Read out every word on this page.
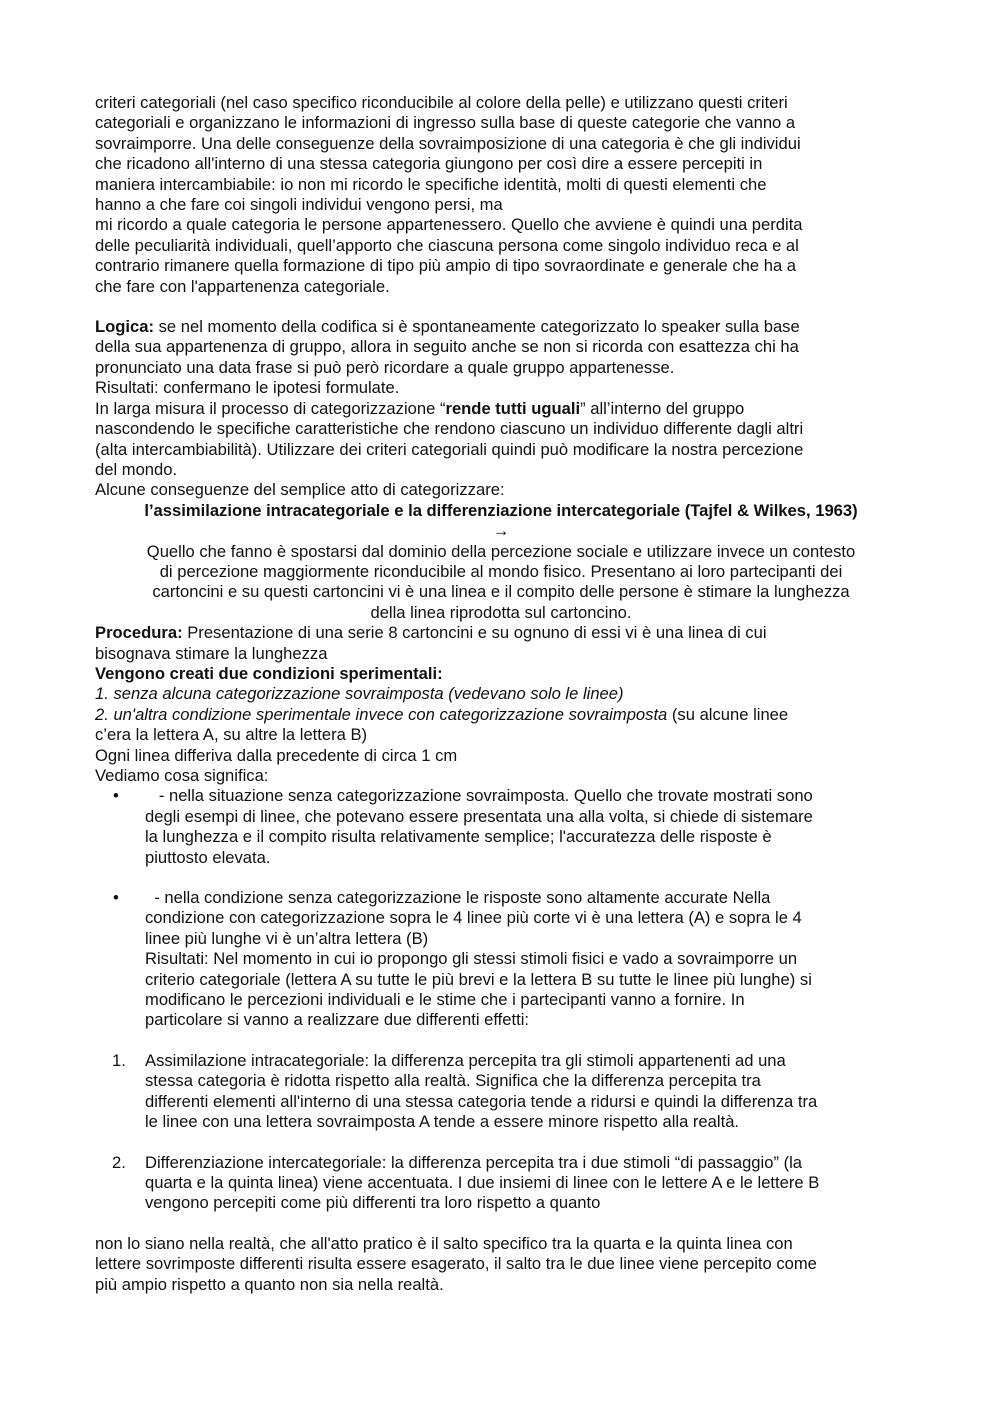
criteri categoriali (nel caso specifico riconducibile al colore della pelle) e utilizzano questi criteri
categoriali e organizzano le informazioni di ingresso sulla base di queste categorie che vanno a
sovraimporre. Una delle conseguenze della sovraimposizione di una categoria è che gli individui
che ricadono all'interno di una stessa categoria giungono per così dire a essere percepiti in
maniera intercambiabile: io non mi ricordo le specifiche identità, molti di questi elementi che
hanno a che fare coi singoli individui vengono persi, ma
mi ricordo a quale categoria le persone appartenessero. Quello che avviene è quindi una perdita
delle peculiarità individuali, quell’apporto che ciascuna persona come singolo individuo reca e al
contrario rimanere quella formazione di tipo più ampio di tipo sovraordinate e generale che ha a
che fare con l'appartenenza categoriale.
Logica: se nel momento della codifica si è spontaneamente categorizzato lo speaker sulla base
della sua appartenenza di gruppo, allora in seguito anche se non si ricorda con esattezza chi ha
pronunciato una data frase si può però ricordare a quale gruppo appartenesse.
Risultati: confermano le ipotesi formulate.
In larga misura il processo di categorizzazione “rende tutti uguali” all’interno del gruppo
nascondendo le specifiche caratteristiche che rendono ciascuno un individuo differente dagli altri
(alta intercambiabilità). Utilizzare dei criteri categoriali quindi può modificare la nostra percezione
del mondo.
Alcune conseguenze del semplice atto di categorizzare:
l’assimilazione intracategoriale e la differenziazione intercategoriale (Tajfel & Wilkes, 1963)
→
Quello che fanno è spostarsi dal dominio della percezione sociale e utilizzare invece un contesto
di percezione maggiormente riconducibile al mondo fisico. Presentano ai loro partecipanti dei
cartoncini e su questi cartoncini vi è una linea e il compito delle persone è stimare la lunghezza
della linea riprodotta sul cartoncino.
Procedura: Presentazione di una serie 8 cartoncini e su ognuno di essi vi è una linea di cui
bisognava stimare la lunghezza
Vengono creati due condizioni sperimentali:
1. senza alcuna categorizzazione sovraimposta (vedevano solo le linee)
2. un'altra condizione sperimentale invece con categorizzazione sovraimposta (su alcune linee
c’era la lettera A, su altre la lettera B)
Ogni linea differiva dalla precedente di circa 1 cm
Vediamo cosa significa:
•	- nella situazione senza categorizzazione sovraimposta. Quello che trovate mostrati sono
degli esempi di linee, che potevano essere presentata una alla volta, si chiede di sistemare
la lunghezza e il compito risulta relativamente semplice; l'accuratezza delle risposte è
piuttosto elevata.
•	- nella condizione senza categorizzazione le risposte sono altamente accurate Nella
condizione con categorizzazione sopra le 4 linee più corte vi è una lettera (A) e sopra le 4
linee più lunghe vi è un’altra lettera (B)
Risultati: Nel momento in cui io propongo gli stessi stimoli fisici e vado a sovraimporre un
criterio categoriale (lettera A su tutte le più brevi e la lettera B su tutte le linee più lunghe) si
modificano le percezioni individuali e le stime che i partecipanti vanno a fornire. In
particolare si vanno a realizzare due differenti effetti:
1. Assimilazione intracategoriale: la differenza percepita tra gli stimoli appartenenti ad una
stessa categoria è ridotta rispetto alla realtà. Significa che la differenza percepita tra
differenti elementi all'interno di una stessa categoria tende a ridursi e quindi la differenza tra
le linee con una lettera sovraimposta A tende a essere minore rispetto alla realtà.
2. Differenziazione intercategoriale: la differenza percepita tra i due stimoli “di passaggio” (la
quarta e la quinta linea) viene accentuata. I due insiemi di linee con le lettere A e le lettere B
vengono percepiti come più differenti tra loro rispetto a quanto
non lo siano nella realtà, che all'atto pratico è il salto specifico tra la quarta e la quinta linea con
lettere sovrimposte differenti risulta essere esagerato, il salto tra le due linee viene percepito come
più ampio rispetto a quanto non sia nella realtà.
